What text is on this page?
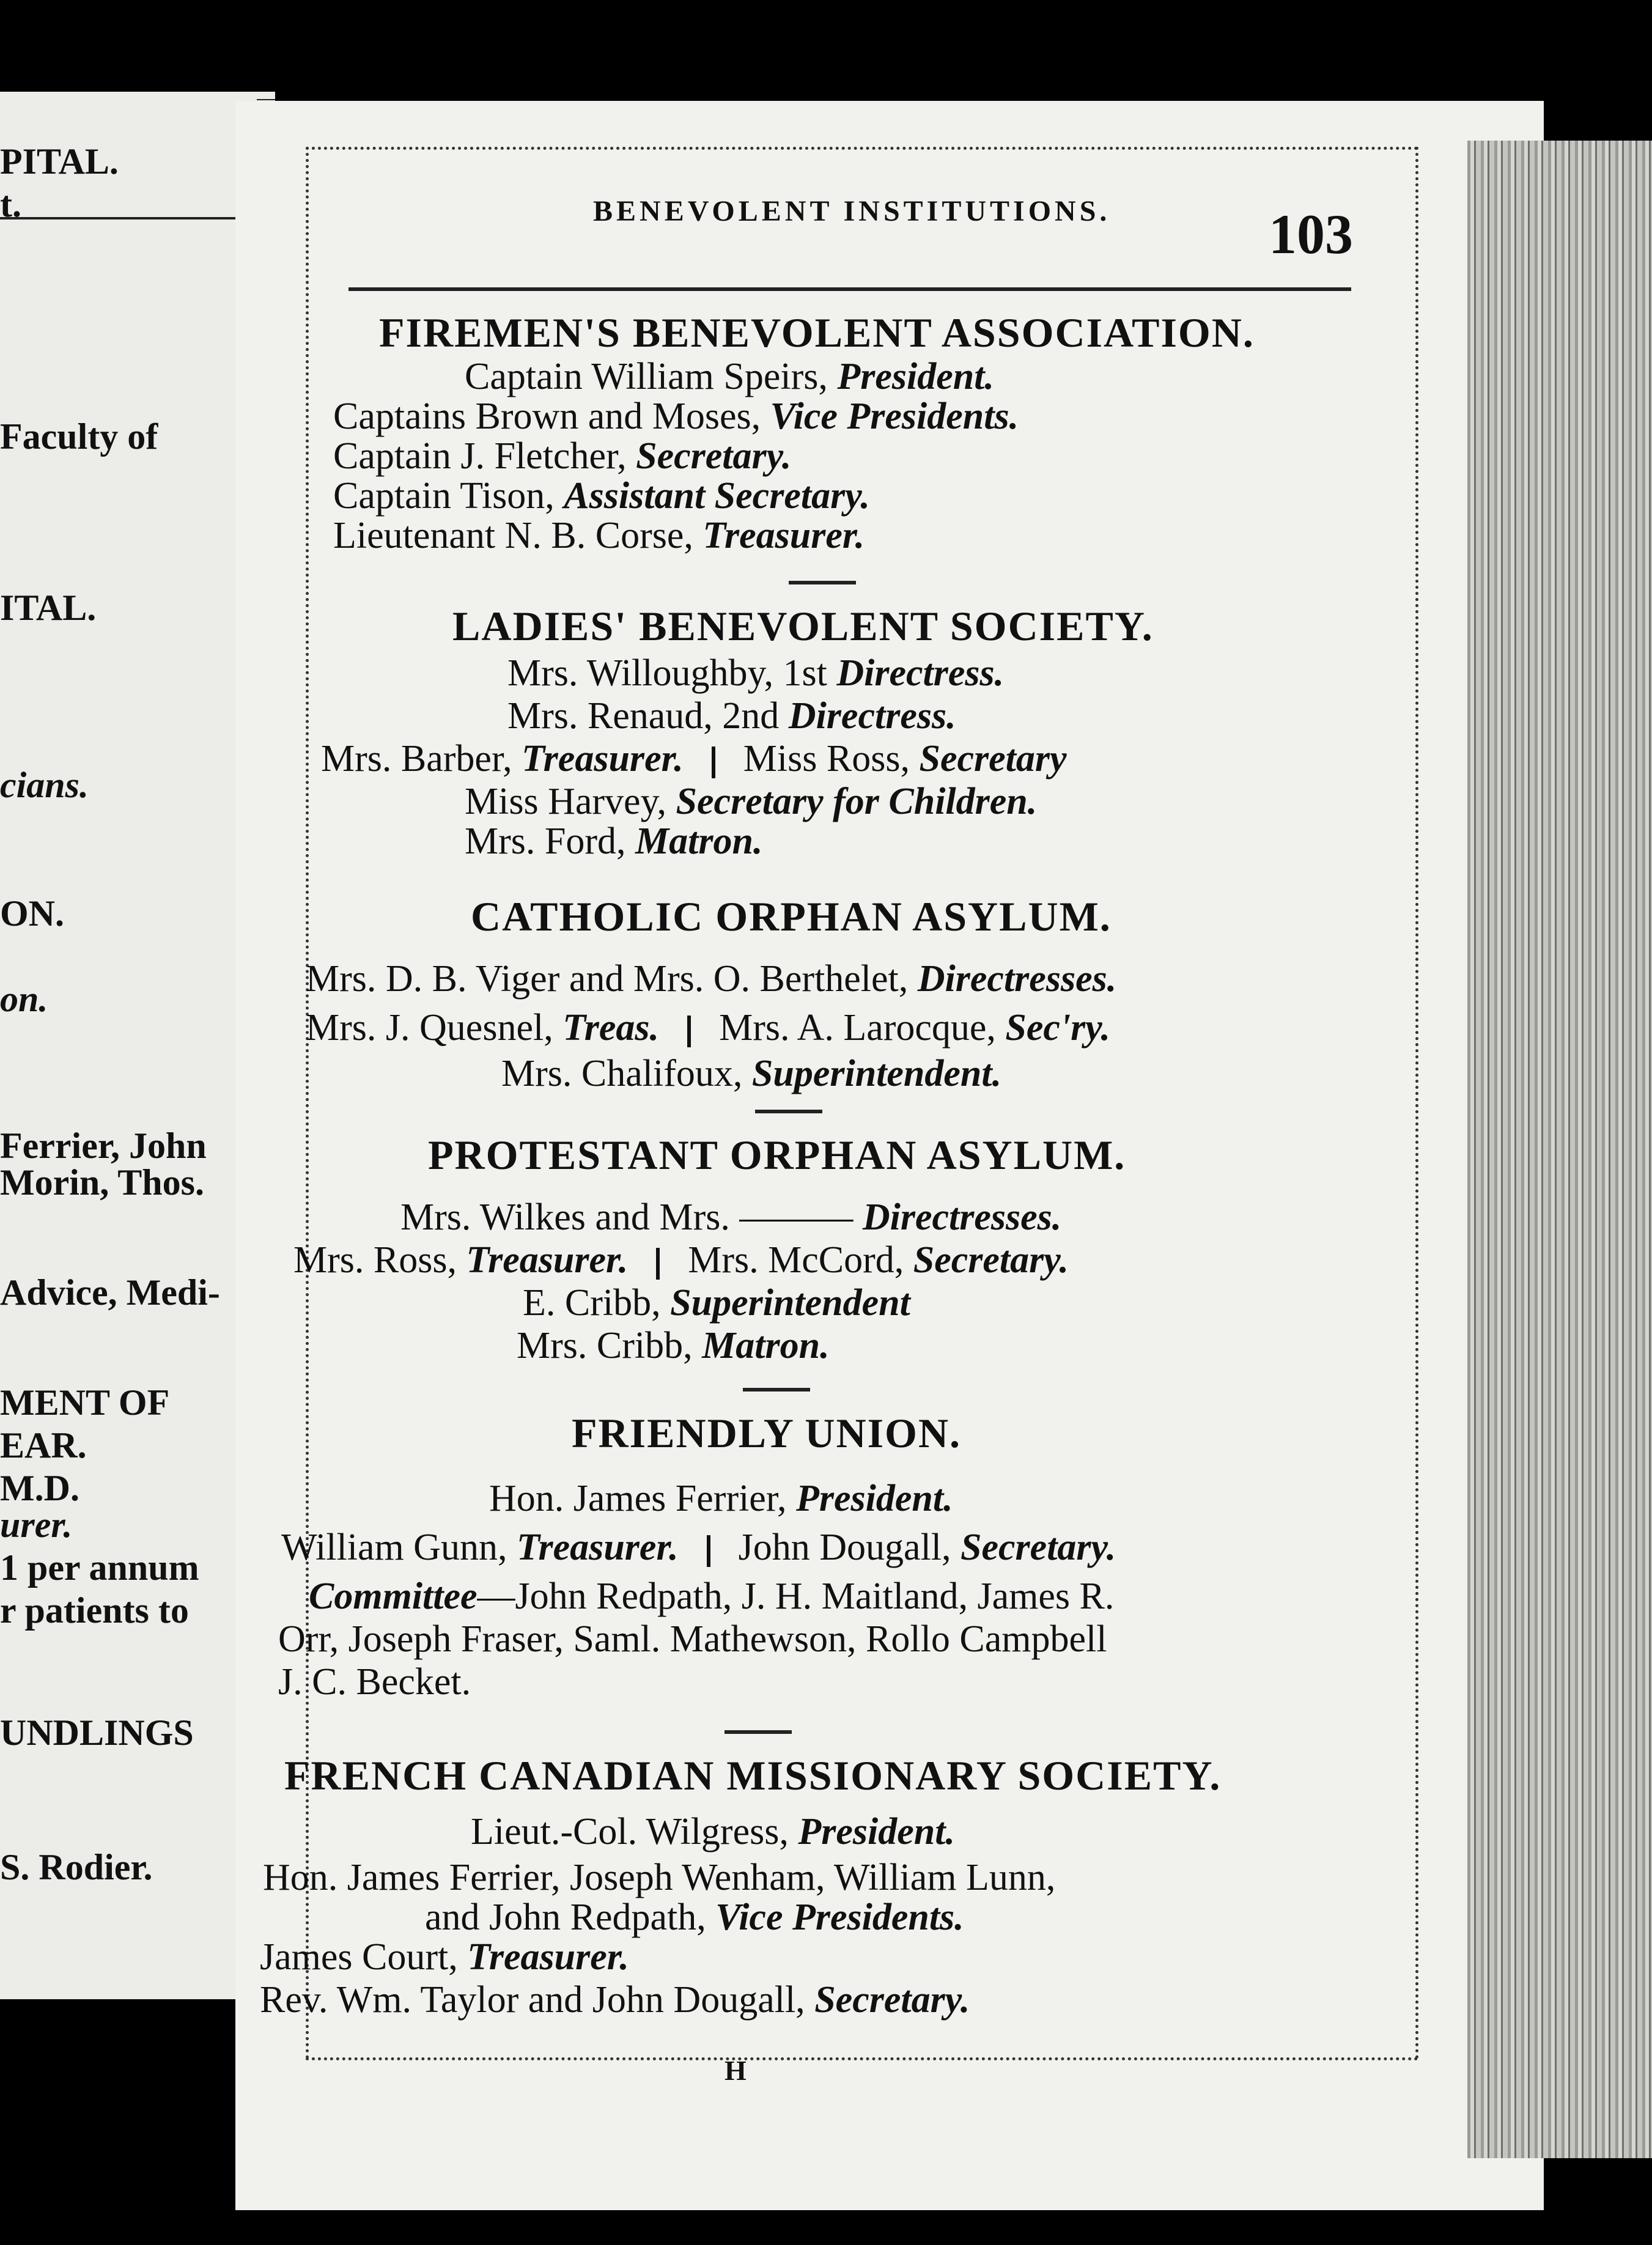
PITAL.
t.
Faculty of
ITAL.
cians.
ON.
on.
Ferrier, John
Morin, Thos.
Advice, Medi-
MENT OF
EAR.
M.D.
urer.
1 per annum
r patients to
UNDLINGS
S. Rodier.
BENEVOLENT INSTITUTIONS.	103
FIREMEN'S BENEVOLENT ASSOCIATION.
Captain William Speirs, President.
Captains Brown and Moses, Vice Presidents.
Captain J. Fletcher, Secretary.
Captain Tison, Assistant Secretary.
Lieutenant N. B. Corse, Treasurer.
LADIES' BENEVOLENT SOCIETY.
Mrs. Willoughby, 1st Directress.
Mrs. Renaud, 2nd Directress.
Mrs. Barber, Treasurer. Miss Ross, Secretary
Miss Harvey, Secretary for Children.
Mrs. Ford, Matron.
CATHOLIC ORPHAN ASYLUM.
Mrs. D. B. Viger and Mrs. O. Berthelet, Directresses.
Mrs. J. Quesnel, Treas. Mrs. A. Larocque, Sec'ry.
Mrs. Chalifoux, Superintendent.
PROTESTANT ORPHAN ASYLUM.
Mrs. Wilkes and Mrs. ——— Directresses.
Mrs. Ross, Treasurer. Mrs. McCord, Secretary.
E. Cribb, Superintendent
Mrs. Cribb, Matron.
FRIENDLY UNION.
Hon. James Ferrier, President.
William Gunn, Treasurer. John Dougall, Secretary.
Committee—John Redpath, J. H. Maitland, James R.
Orr, Joseph Fraser, Saml. Mathewson, Rollo Campbell
J. C. Becket.
FRENCH CANADIAN MISSIONARY SOCIETY.
Lieut.-Col. Wilgress, President.
Hon. James Ferrier, Joseph Wenham, William Lunn,
and John Redpath, Vice Presidents.
James Court, Treasurer.
Rev. Wm. Taylor and John Dougall, Secretary.
H
